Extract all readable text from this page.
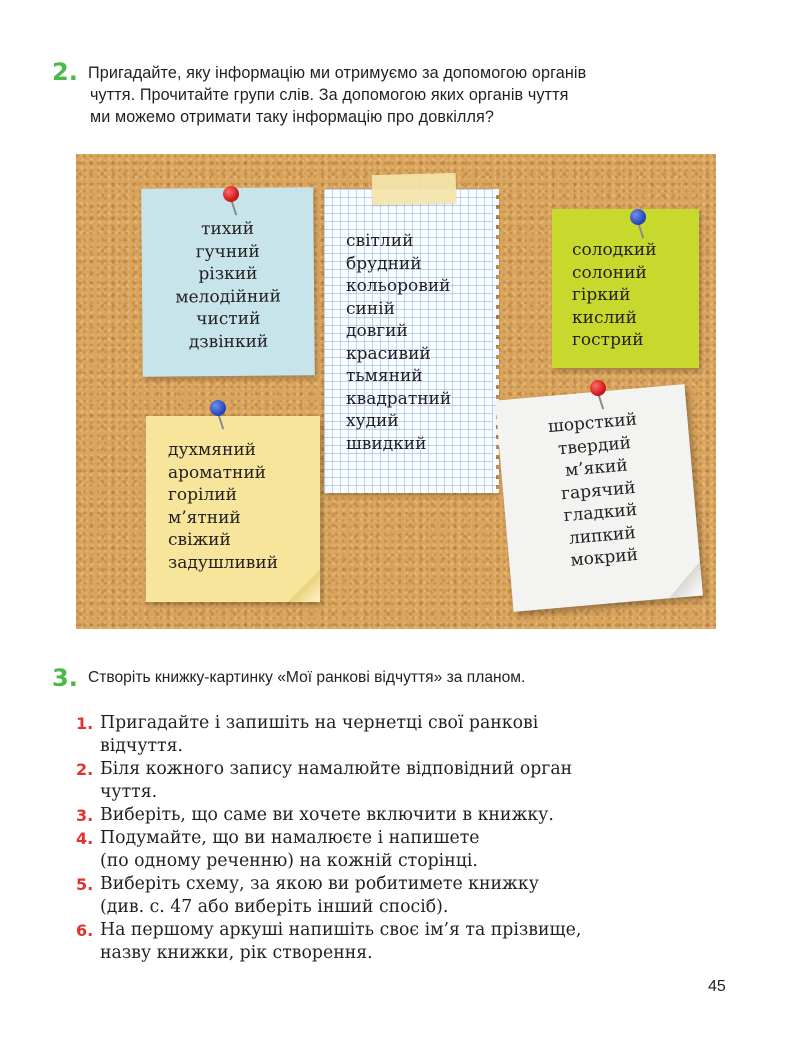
2. Пригадайте, яку інформацію ми отримуємо за допомогою органів
чуття. Прочитайте групи слів. За допомогою яких органів чуття
ми можемо отримати таку інформацію про довкілля?
тихий
гучний
різкий
мелодійний
чистий
дзвінкий
світлий
брудний
кольоровий
синій
довгий
красивий
тьмяний
квадратний
худий
швидкий
солодкий
солоний
гіркий
кислий
гострий
духмяний
ароматний
горілий
м’ятний
свіжий
задушливий
шорсткий
твердий
м’який
гарячий
гладкий
липкий
мокрий
3. Створіть книжку-картинку «Мої ранкові відчуття» за планом.
1. Пригадайте і запишіть на чернетці свої ранкові
відчуття.
2. Біля кожного запису намалюйте відповідний орган
чуття.
3. Виберіть, що саме ви хочете включити в книжку.
4. Подумайте, що ви намалюєте і напишете
(по одному реченню) на кожній сторінці.
5. Виберіть схему, за якою ви робитимете книжку
(див. с. 47 або виберіть інший спосіб).
6. На першому аркуші напишіть своє ім’я та прізвище,
назву книжки, рік створення.
45
